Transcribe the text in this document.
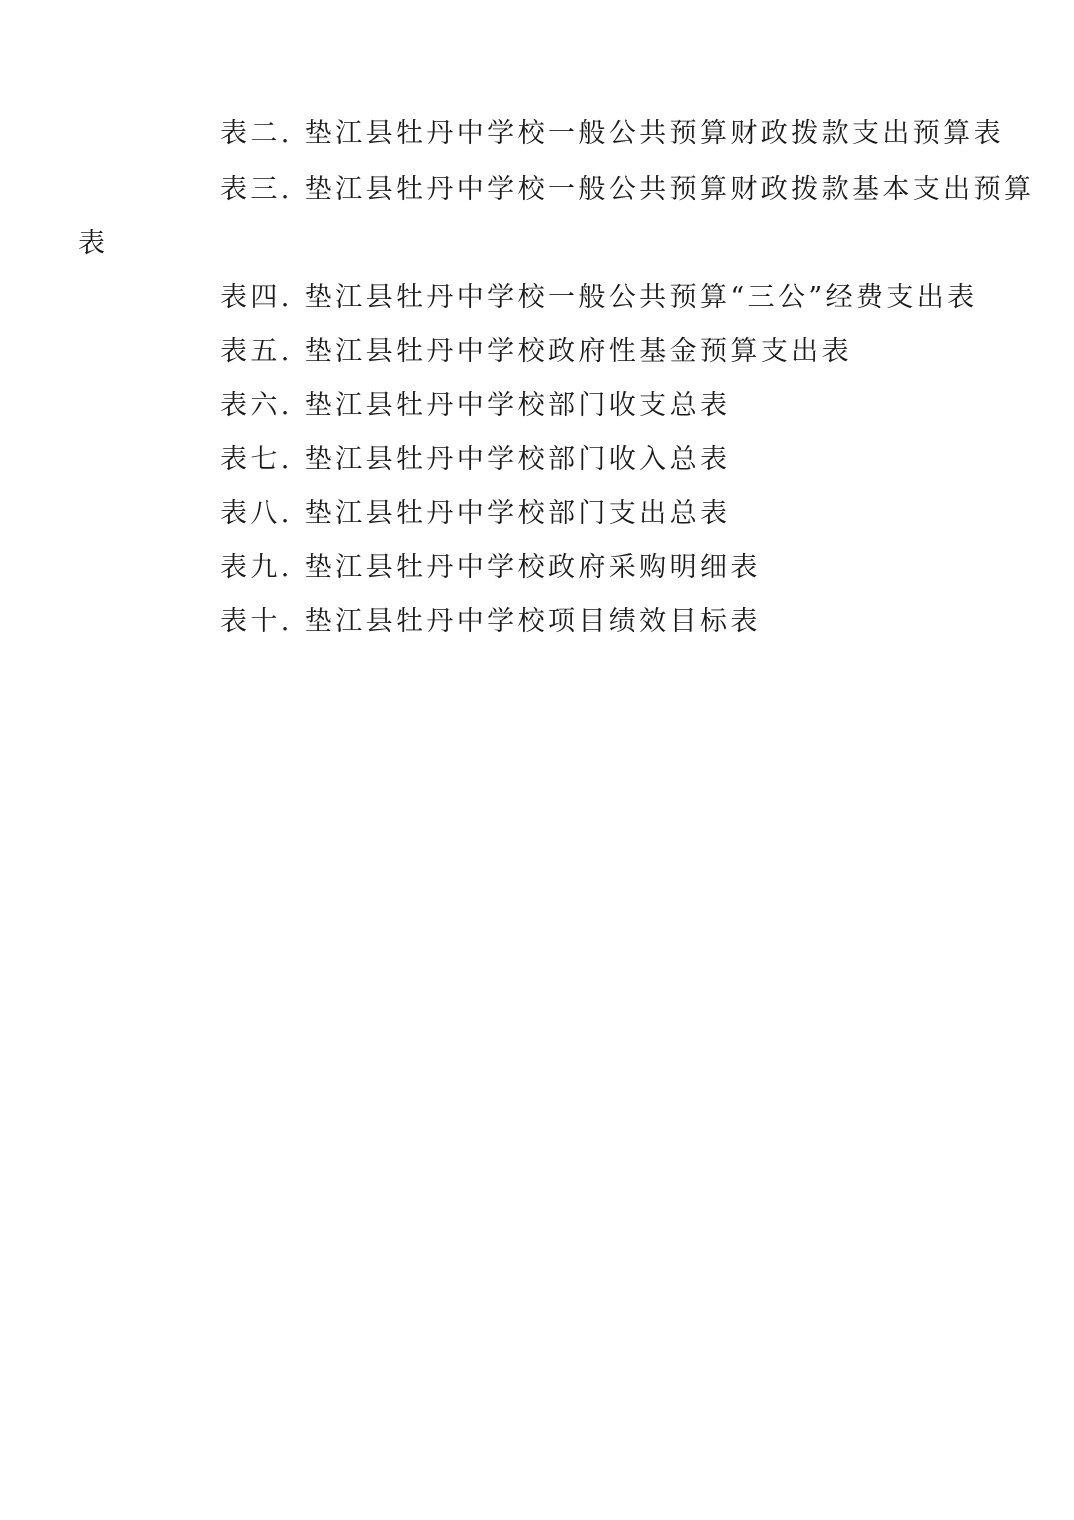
表二. 垫江县牡丹中学校一般公共预算财政拨款支出预算表

表三. 垫江县牡丹中学校一般公共预算财政拨款基本支出预算

表

表四. 垫江县牡丹中学校一般公共预算“三公”经费支出表

表五. 垫江县牡丹中学校政府性基金预算支出表

表六. 垫江县牡丹中学校部门收支总表

表七. 垫江县牡丹中学校部门收入总表

表八. 垫江县牡丹中学校部门支出总表

表九. 垫江县牡丹中学校政府采购明细表

表十. 垫江县牡丹中学校项目绩效目标表
